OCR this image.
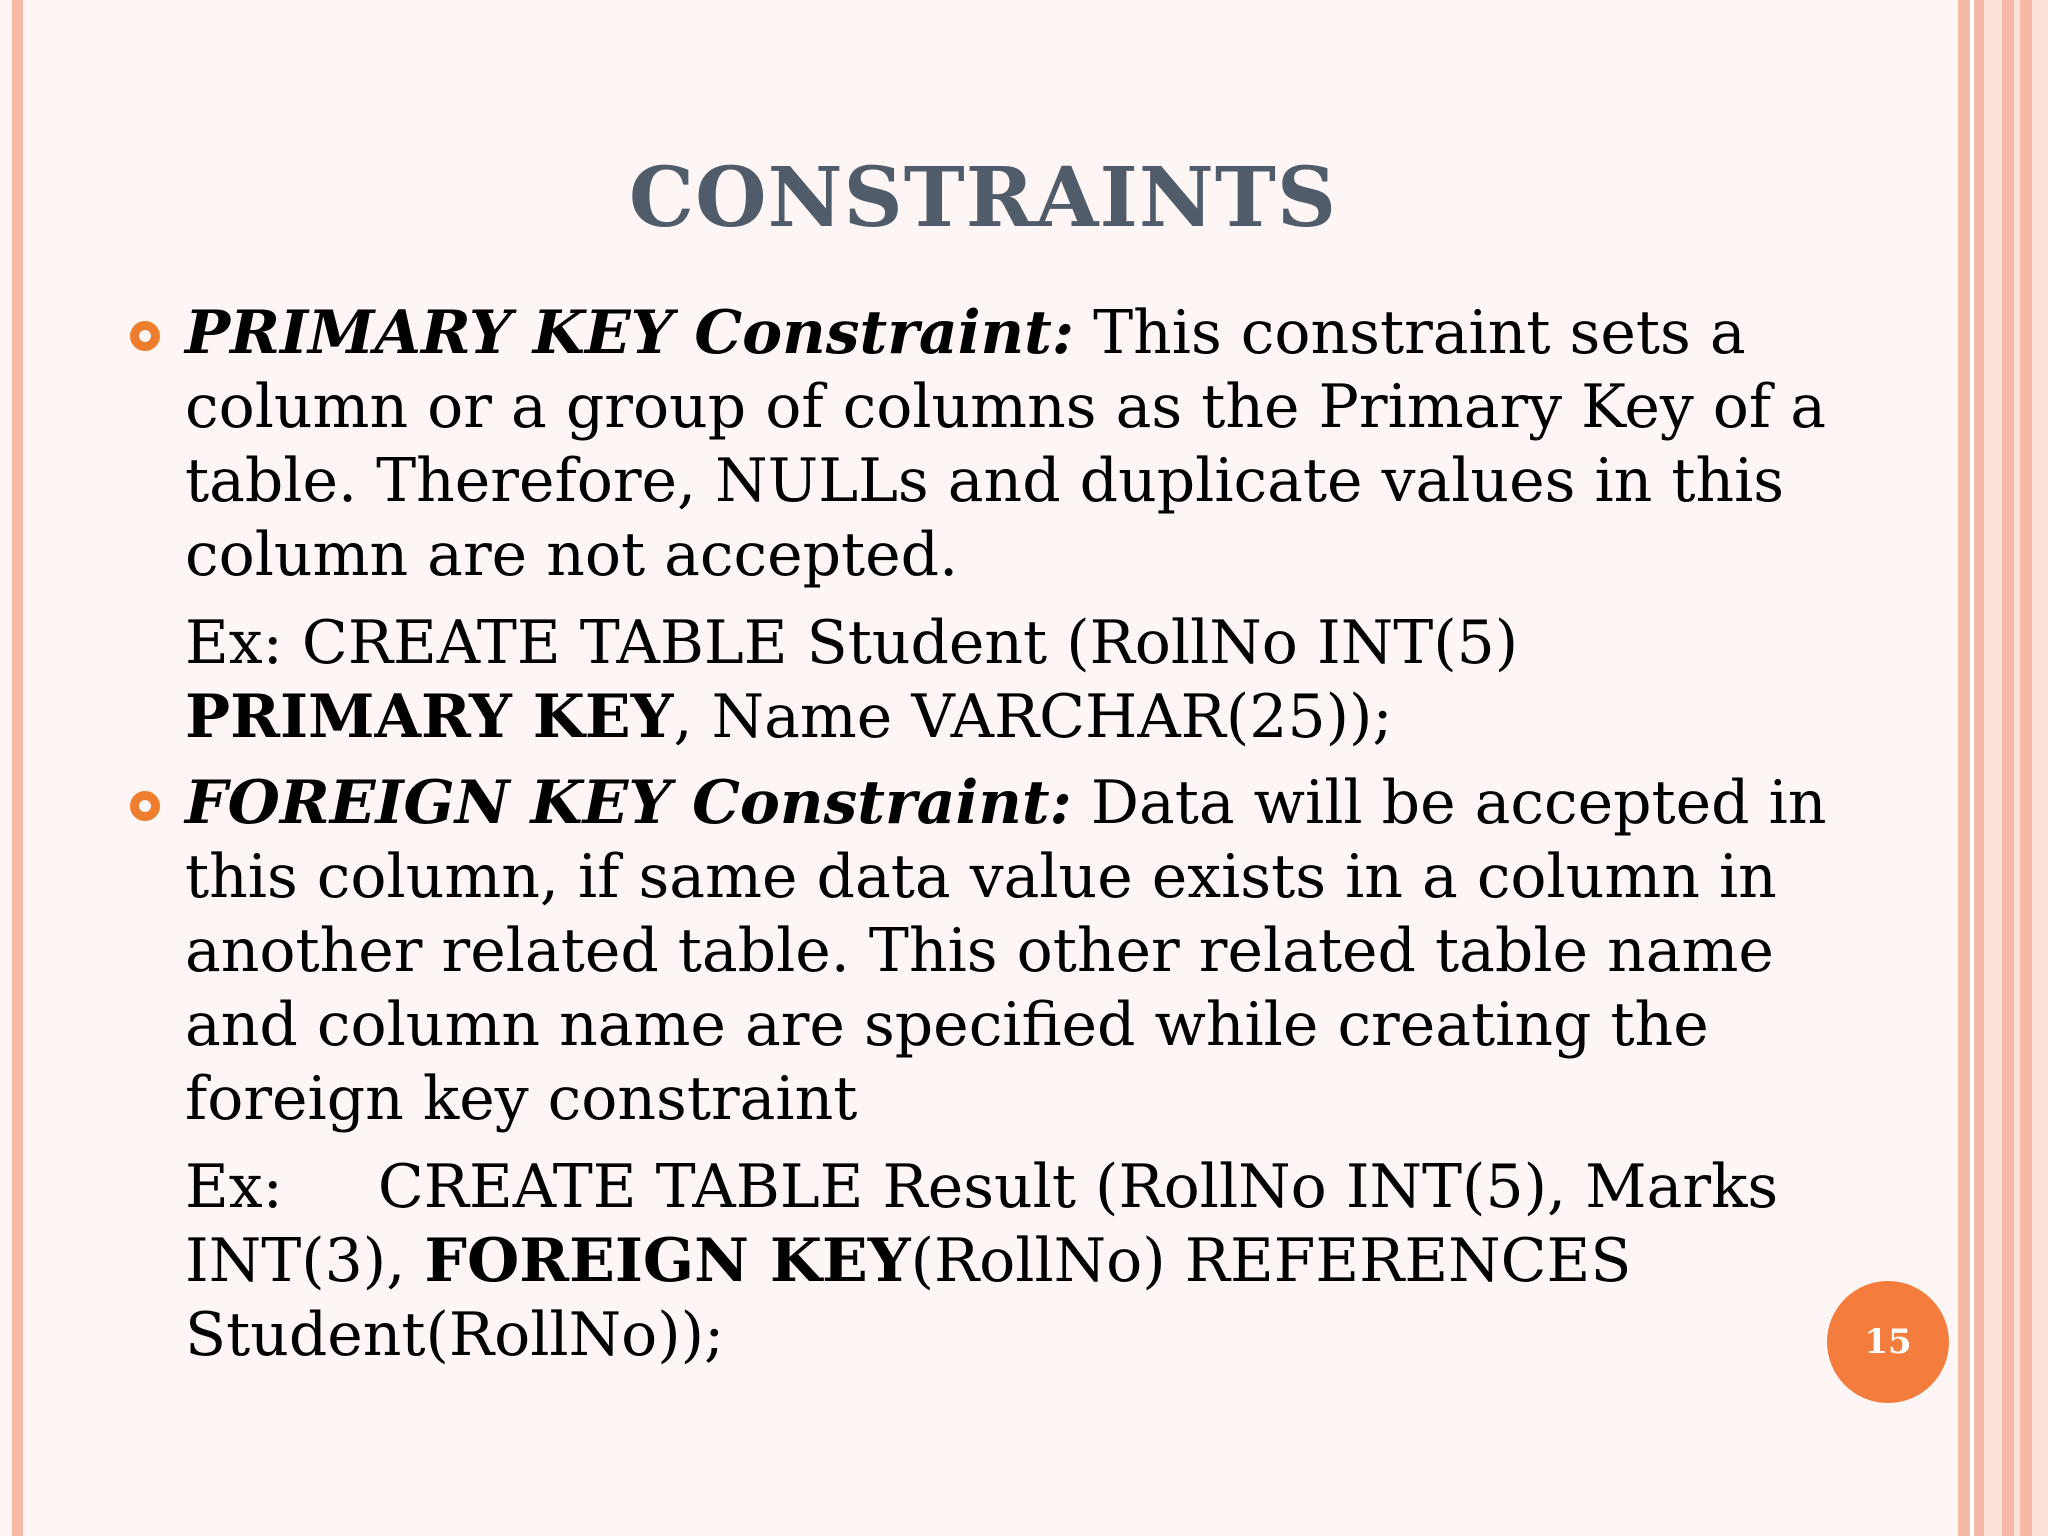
CONSTRAINTS
PRIMARY KEY Constraint: This constraint sets a column or a group of columns as the Primary Key of a table. Therefore, NULLs and duplicate values in this column are not accepted.
Ex: CREATE TABLE Student (RollNo INT(5) PRIMARY KEY, Name VARCHAR(25));
FOREIGN KEY Constraint: Data will be accepted in this column, if same data value exists in a column in another related table. This other related table name and column name are specified while creating the foreign key constraint
Ex: CREATE TABLE Result (RollNo INT(5), Marks INT(3), FOREIGN KEY(RollNo) REFERENCES Student(RollNo));	15
